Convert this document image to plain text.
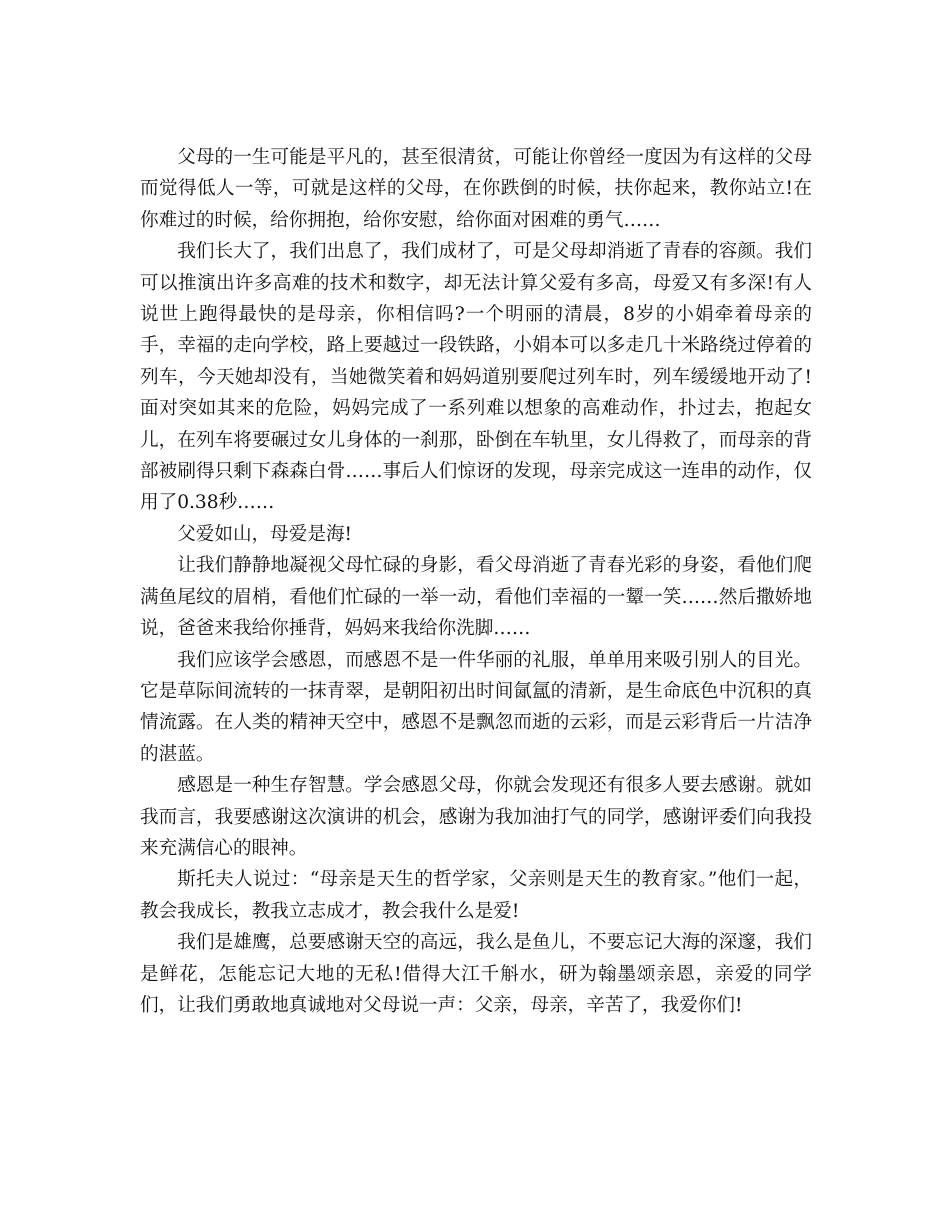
父母的一生可能是平凡的，甚至很清贫，可能让你曾经一度因为有这样的父母而觉得低人一等，可就是这样的父母，在你跌倒的时候，扶你起来，教你站立!在你难过的时候，给你拥抱，给你安慰，给你面对困难的勇气……

我们长大了，我们出息了，我们成材了，可是父母却消逝了青春的容颜。我们可以推演出许多高难的技术和数字，却无法计算父爱有多高，母爱又有多深!有人说世上跑得最快的是母亲，你相信吗?一个明丽的清晨，8岁的小娟牵着母亲的手，幸福的走向学校，路上要越过一段铁路，小娟本可以多走几十米路绕过停着的列车，今天她却没有，当她微笑着和妈妈道别要爬过列车时，列车缓缓地开动了!面对突如其来的危险，妈妈完成了一系列难以想象的高难动作，扑过去，抱起女儿，在列车将要碾过女儿身体的一刹那，卧倒在车轨里，女儿得救了，而母亲的背部被刷得只剩下森森白骨……事后人们惊讶的发现，母亲完成这一连串的动作，仅用了0.38秒……

父爱如山，母爱是海!

让我们静静地凝视父母忙碌的身影，看父母消逝了青春光彩的身姿，看他们爬满鱼尾纹的眉梢，看他们忙碌的一举一动，看他们幸福的一颦一笑……然后撒娇地说，爸爸来我给你捶背，妈妈来我给你洗脚……

我们应该学会感恩，而感恩不是一件华丽的礼服，单单用来吸引别人的目光。它是草际间流转的一抹青翠，是朝阳初出时间氤氲的清新，是生命底色中沉积的真情流露。在人类的精神天空中，感恩不是飘忽而逝的云彩，而是云彩背后一片洁净的湛蓝。

感恩是一种生存智慧。学会感恩父母，你就会发现还有很多人要去感谢。就如我而言，我要感谢这次演讲的机会，感谢为我加油打气的同学，感谢评委们向我投来充满信心的眼神。

斯托夫人说过：“母亲是天生的哲学家，父亲则是天生的教育家。”他们一起，教会我成长，教我立志成才，教会我什么是爱!

我们是雄鹰，总要感谢天空的高远，我么是鱼儿，不要忘记大海的深邃，我们是鲜花，怎能忘记大地的无私!借得大江千斛水，研为翰墨颂亲恩，亲爱的同学们，让我们勇敢地真诚地对父母说一声：父亲，母亲，辛苦了，我爱你们!
